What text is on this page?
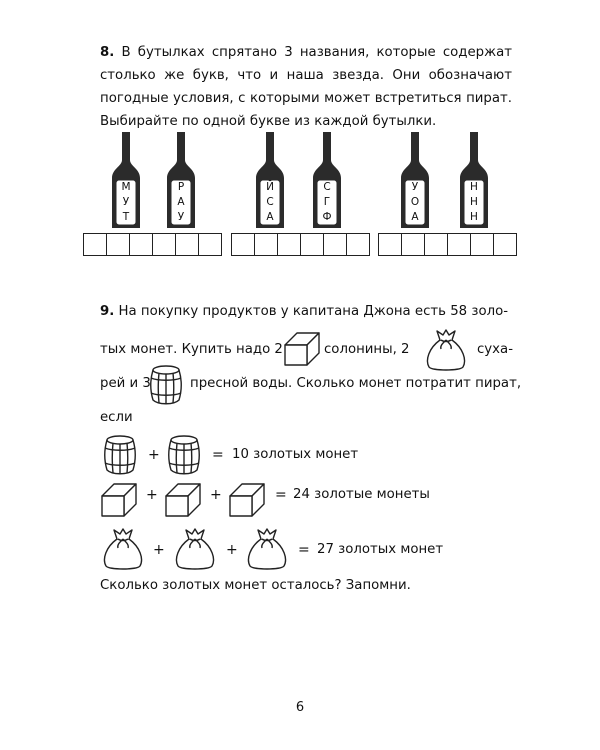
8. В бутылках спрятано 3 названия, которые содержат столько же букв, что и наша звезда. Они обозначают погодные условия, с которыми может встретиться пират. Выбирайте по одной букве из каждой бутылки.

М
У
Т
Р
А
У
Й
С
А
С
Г
Ф
У
О
А
Н
Н
Н
9. На покупку продуктов у капитана Джона есть 58 золо-
тых монет. Купить надо 2	солонины, 2	суха-
рей и 3	пресной воды. Сколько монет потратит пират,
если
+	= 10 золотых монет
+	+	= 24 золотые монеты
+	+	= 27 золотых монет
Сколько золотых монет осталось? Запомни.
6
